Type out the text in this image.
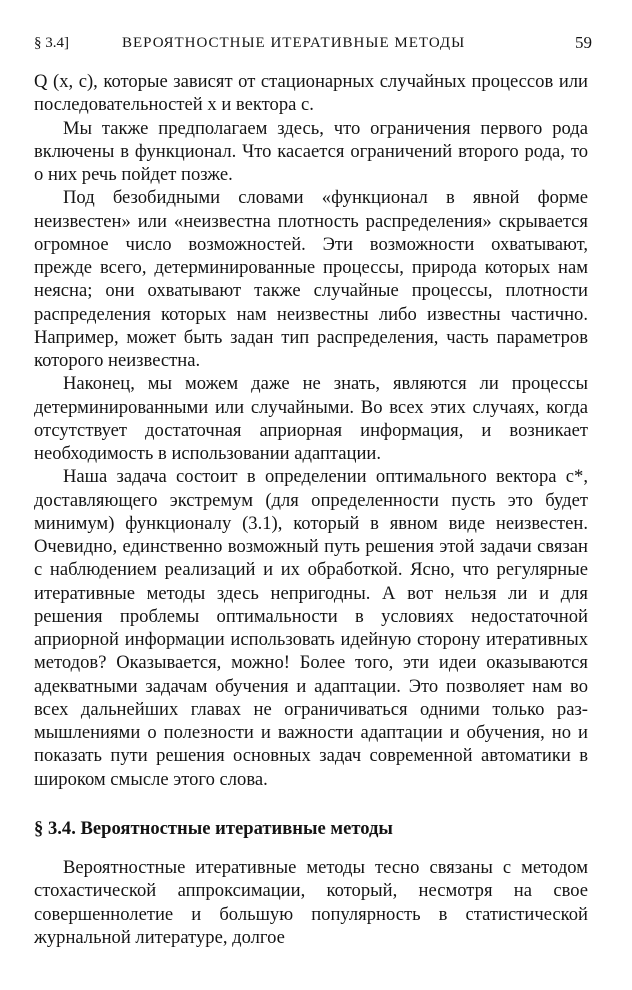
§ 3.4]	ВЕРОЯТНОСТНЫЕ ИТЕРАТИВНЫЕ МЕТОДЫ	59

Q (x, c), которые зависят от стационарных случайных процессов или последовательностей x и вектора c.

Мы также предполагаем здесь, что ограничения первого рода включены в функционал. Что касается ограничений второго рода, то о них речь пойдет позже.

Под безобидными словами «функционал в явной форме неизвестен» или «неизвестна плотность распределения» скрывается огромное число возможностей. Эти возможности охватывают, прежде всего, детерминированные процессы, природа которых нам неясна; они охватывают также случайные процессы, плотности распределения которых нам неизвестны либо известны частично. Например, может быть задан тип распределения, часть параметров которого неизвестна.

Наконец, мы можем даже не знать, являются ли процессы детерминированными или случайными. Во всех этих случаях, когда отсутствует достаточная априорная информация, и возникает необходимость в использовании адаптации.

Наша задача состоит в определении оптимального вектора c*, доставляющего экстремум (для определенности пусть это будет минимум) функционалу (3.1), который в явном виде неизвестен. Очевидно, единственно возможный путь решения этой задачи связан с наблюдением реализаций и их обработкой. Ясно, что регулярные итеративные методы здесь непригодны. А вот нельзя ли и для решения проблемы оптимальности в условиях недостаточной априорной информации использовать идейную сторону итеративных методов? Оказывается, можно! Более того, эти идеи оказываются адекватными задачам обучения и адаптации. Это позволяет нам во всех дальнейших главах не ограничиваться одними только размышлениями о полезности и важности адаптации и обучения, но и показать пути решения основных задач современной автоматики в широком смысле этого слова.

§ 3.4. Вероятностные итеративные методы

Вероятностные итеративные методы тесно связаны с методом стохастической аппроксимации, который, несмотря на свое совершеннолетие и большую популярность в статистической журнальной литературе, долгое
